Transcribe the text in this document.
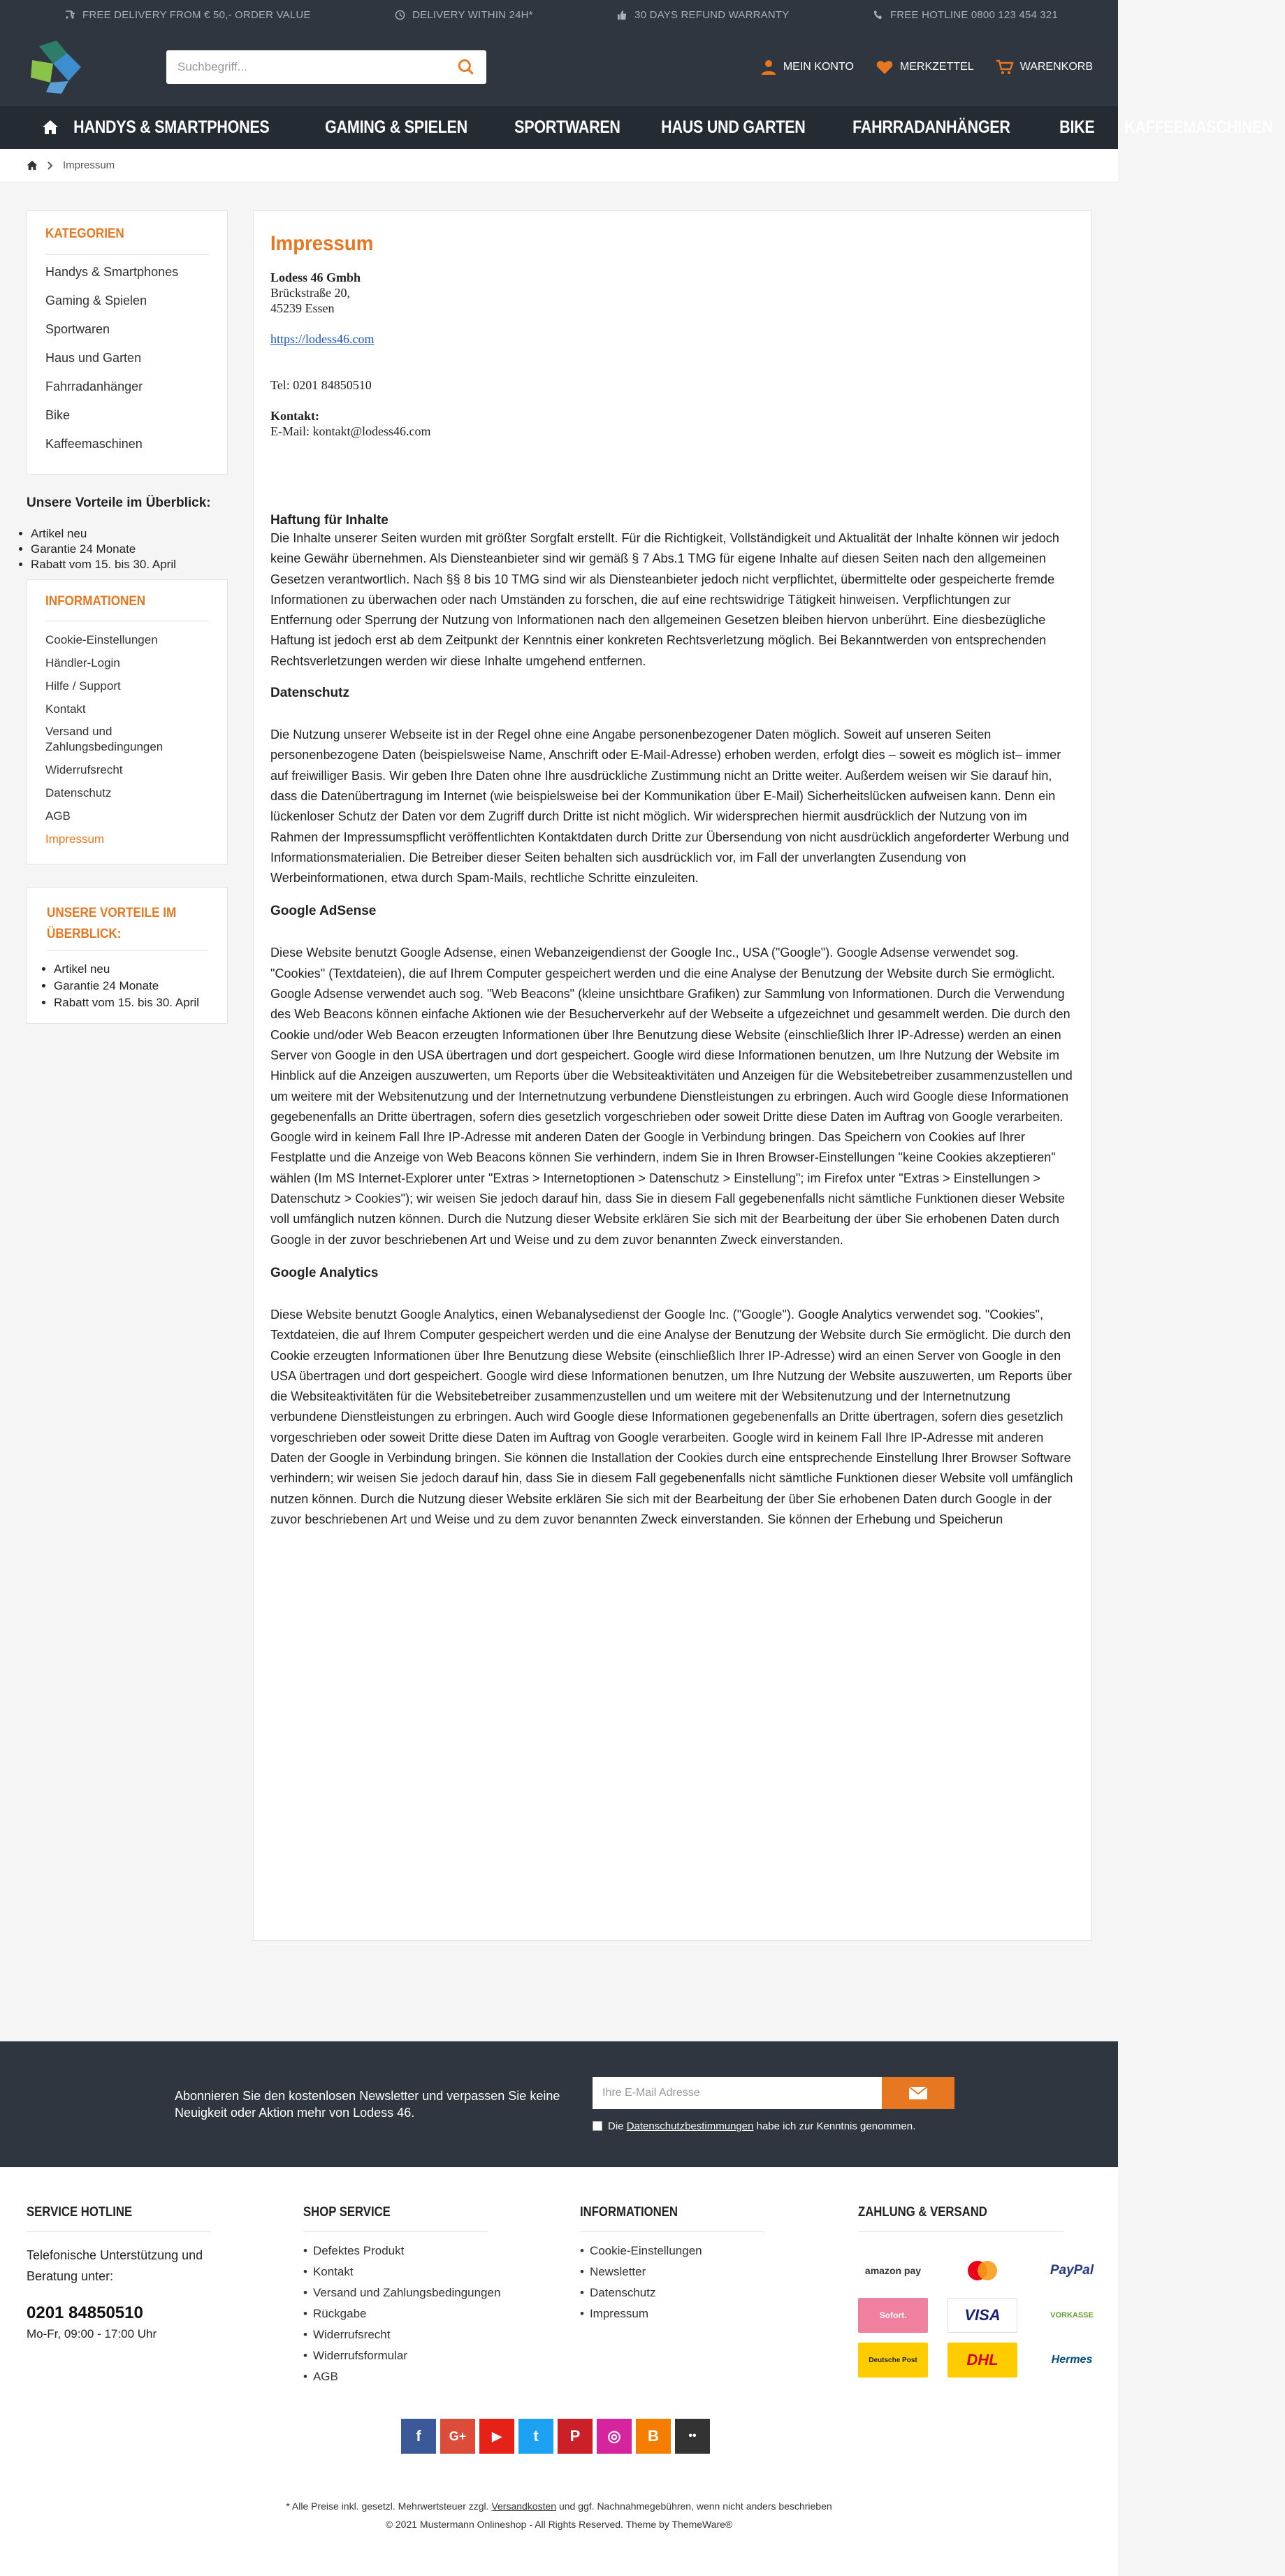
FREE DELIVERY FROM € 50,- ORDER VALUE	DELIVERY WITHIN 24H*	30 DAYS REFUND WARRANTY	FREE HOTLINE 0800 123 454 321
Suchbegriff...	MEIN KONTO	MERKZETTEL	WARENKORB
HANDYS & SMARTPHONES	GAMING & SPIELEN	SPORTWAREN	HAUS UND GARTEN	FAHRRADANHÄNGER	BIKE	KAFFEEMASCHINEN
Impressum
KATEGORIEN
Handys & Smartphones
Gaming & Spielen
Sportwaren
Haus und Garten
Fahrradanhänger
Bike
Kaffeemaschinen
Unsere Vorteile im Überblick:
• Artikel neu
• Garantie 24 Monate
• Rabatt vom 15. bis 30. April
INFORMATIONEN
Cookie-Einstellungen
Händler-Login
Hilfe / Support
Kontakt
Versand und Zahlungsbedingungen
Widerrufsrecht
Datenschutz
AGB
Impressum
UNSERE VORTEILE IM ÜBERBLICK:
• Artikel neu
• Garantie 24 Monate
• Rabatt vom 15. bis 30. April
Impressum
Lodess 46 Gmbh
Brückstraße 20,
45239 Essen
https://lodess46.com
Tel: 0201 84850510
Kontakt:
E-Mail: kontakt@lodess46.com
Haftung für Inhalte

Die Inhalte unserer Seiten wurden mit größter Sorgfalt erstellt. Für die Richtigkeit, Vollständigkeit und Aktualität der Inhalte können wir jedoch keine Gewähr übernehmen. Als Diensteanbieter sind wir gemäß § 7 Abs.1 TMG für eigene Inhalte auf diesen Seiten nach den allgemeinen Gesetzen verantwortlich. Nach §§ 8 bis 10 TMG sind wir als Diensteanbieter jedoch nicht verpflichtet, übermittelte oder gespeicherte fremde Informationen zu überwachen oder nach Umständen zu forschen, die auf eine rechtswidrige Tätigkeit hinweisen. Verpflichtungen zur Entfernung oder Sperrung der Nutzung von Informationen nach den allgemeinen Gesetzen bleiben hiervon unberührt. Eine diesbezügliche Haftung ist jedoch erst ab dem Zeitpunkt der Kenntnis einer konkreten Rechtsverletzung möglich. Bei Bekanntwerden von entsprechenden Rechtsverletzungen werden wir diese Inhalte umgehend entfernen.

Datenschutz

Die Nutzung unserer Webseite ist in der Regel ohne eine Angabe personenbezogener Daten möglich. Soweit auf unseren Seiten personenbezogene Daten (beispielsweise Name, Anschrift oder E-Mail-Adresse) erhoben werden, erfolgt dies – soweit es möglich ist– immer auf freiwilliger Basis. Wir geben Ihre Daten ohne Ihre ausdrückliche Zustimmung nicht an Dritte weiter. Außerdem weisen wir Sie darauf hin, dass die Datenübertragung im Internet (wie beispielsweise bei der Kommunikation über E-Mail) Sicherheitslücken aufweisen kann. Denn ein lückenloser Schutz der Daten vor dem Zugriff durch Dritte ist nicht möglich. Wir widersprechen hiermit ausdrücklich der Nutzung von im Rahmen der Impressumspflicht veröffentlichten Kontaktdaten durch Dritte zur Übersendung von nicht ausdrücklich angeforderter Werbung und Informationsmaterialien. Die Betreiber dieser Seiten behalten sich ausdrücklich vor, im Fall der unverlangten Zusendung von Werbeinformationen, etwa durch Spam-Mails, rechtliche Schritte einzuleiten.

Google AdSense

Diese Website benutzt Google Adsense, einen Webanzeigendienst der Google Inc., USA ("Google"). Google Adsense verwendet sog. "Cookies" (Textdateien), die auf Ihrem Computer gespeichert werden und die eine Analyse der Benutzung der Website durch Sie ermöglicht. Google Adsense verwendet auch sog. "Web Beacons" (kleine unsichtbare Grafiken) zur Sammlung von Informationen. Durch die Verwendung des Web Beacons können einfache Aktionen wie der Besucherverkehr auf der Webseite a ufgezeichnet und gesammelt werden. Die durch den Cookie und/oder Web Beacon erzeugten Informationen über Ihre Benutzung diese Website (einschließlich Ihrer IP-Adresse) werden an einen Server von Google in den USA übertragen und dort gespeichert. Google wird diese Informationen benutzen, um Ihre Nutzung der Website im Hinblick auf die Anzeigen auszuwerten, um Reports über die Websiteaktivitäten und Anzeigen für die Websitebetreiber zusammenzustellen und um weitere mit der Websitenutzung und der Internetnutzung verbundene Dienstleistungen zu erbringen. Auch wird Google diese Informationen gegebenenfalls an Dritte übertragen, sofern dies gesetzlich vorgeschrieben oder soweit Dritte diese Daten im Auftrag von Google verarbeiten. Google wird in keinem Fall Ihre IP-Adresse mit anderen Daten der Google in Verbindung bringen. Das Speichern von Cookies auf Ihrer Festplatte und die Anzeige von Web Beacons können Sie verhindern, indem Sie in Ihren Browser-Einstellungen "keine Cookies akzeptieren" wählen (Im MS Internet-Explorer unter "Extras > Internetoptionen > Datenschutz > Einstellung"; im Firefox unter "Extras > Einstellungen > Datenschutz > Cookies"); wir weisen Sie jedoch darauf hin, dass Sie in diesem Fall gegebenenfalls nicht sämtliche Funktionen dieser Website voll umfänglich nutzen können. Durch die Nutzung dieser Website erklären Sie sich mit der Bearbeitung der über Sie erhobenen Daten durch Google in der zuvor beschriebenen Art und Weise und zu dem zuvor benannten Zweck einverstanden.

Google Analytics

Diese Website benutzt Google Analytics, einen Webanalysedienst der Google Inc. ("Google"). Google Analytics verwendet sog. "Cookies", Textdateien, die auf Ihrem Computer gespeichert werden und die eine Analyse der Benutzung der Website durch Sie ermöglicht. Die durch den Cookie erzeugten Informationen über Ihre Benutzung diese Website (einschließlich Ihrer IP-Adresse) wird an einen Server von Google in den USA übertragen und dort gespeichert. Google wird diese Informationen benutzen, um Ihre Nutzung der Website auszuwerten, um Reports über die Websiteaktivitäten für die Websitebetreiber zusammenzustellen und um weitere mit der Websitenutzung und der Internetnutzung verbundene Dienstleistungen zu erbringen. Auch wird Google diese Informationen gegebenenfalls an Dritte übertragen, sofern dies gesetzlich vorgeschrieben oder soweit Dritte diese Daten im Auftrag von Google verarbeiten. Google wird in keinem Fall Ihre IP-Adresse mit anderen Daten der Google in Verbindung bringen. Sie können die Installation der Cookies durch eine entsprechende Einstellung Ihrer Browser Software verhindern; wir weisen Sie jedoch darauf hin, dass Sie in diesem Fall gegebenenfalls nicht sämtliche Funktionen dieser Website voll umfänglich nutzen können. Durch die Nutzung dieser Website erklären Sie sich mit der Bearbeitung der über Sie erhobenen Daten durch Google in der zuvor beschriebenen Art und Weise und zu dem zuvor benannten Zweck einverstanden. Sie können der Erhebung und Speicherun

Abonnieren Sie den kostenlosen Newsletter und verpassen Sie keine Neuigkeit oder Aktion mehr von Lodess 46.
Ihre E-Mail Adresse
Die Datenschutzbestimmungen habe ich zur Kenntnis genommen.
SERVICE HOTLINE
Telefonische Unterstützung und Beratung unter:
0201 84850510
Mo-Fr, 09:00 - 17:00 Uhr
SHOP SERVICE
• Defektes Produkt
• Kontakt
• Versand und Zahlungsbedingungen
• Rückgabe
• Widerrufsrecht
• Widerrufsformular
• AGB
INFORMATIONEN
• Cookie-Einstellungen
• Newsletter
• Datenschutz
• Impressum
ZAHLUNG & VERSAND
amazon pay	PayPal
Sofort.	VISA	VORKASSE
Deutsche Post	DHL	Hermes
f	G+	▶	t	P	◎	B	••
* Alle Preise inkl. gesetzl. Mehrwertsteuer zzgl. Versandkosten und ggf. Nachnahmegebühren, wenn nicht anders beschrieben
© 2021 Mustermann Onlineshop - All Rights Reserved. Theme by ThemeWare®
